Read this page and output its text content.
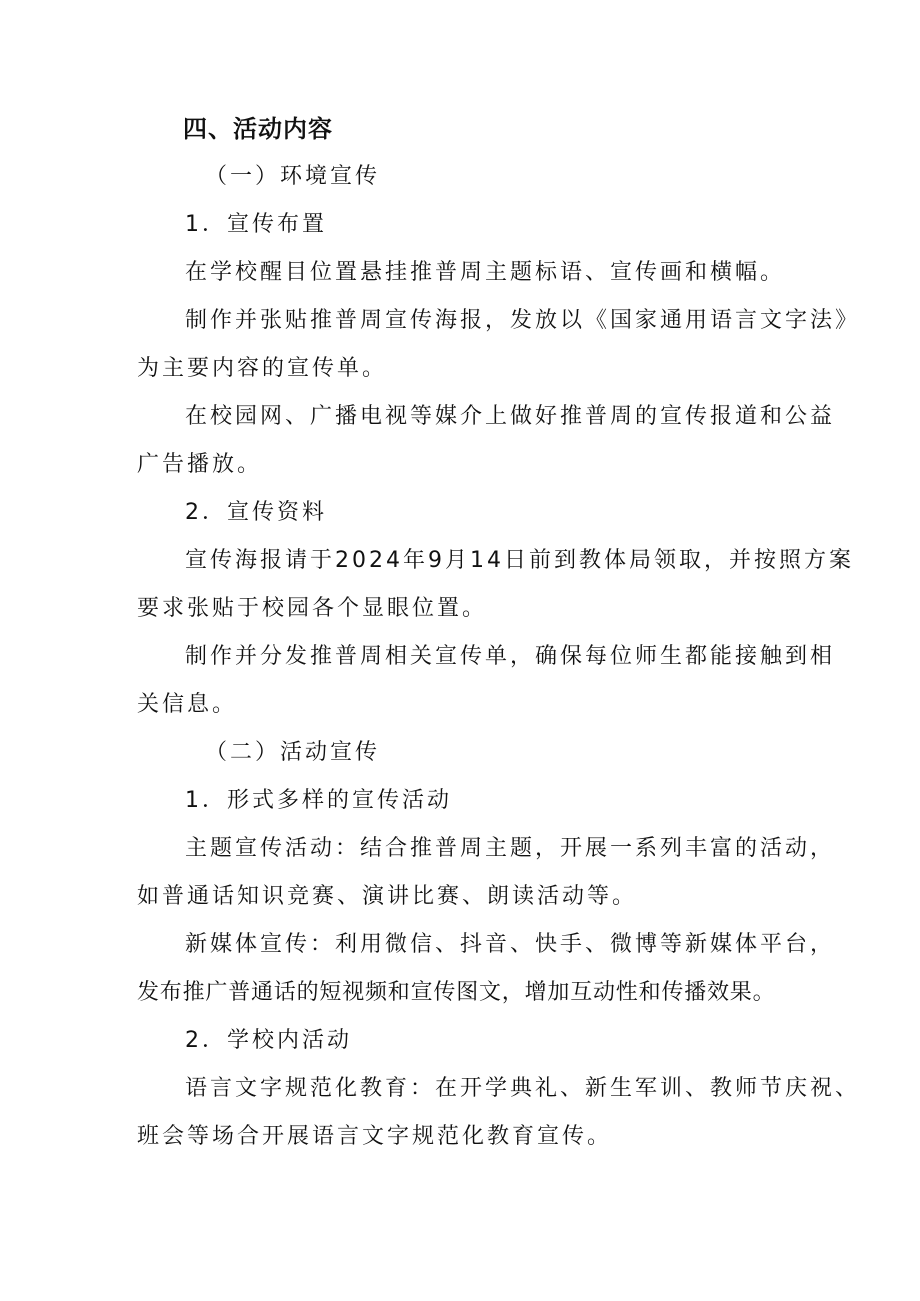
四、活动内容

（一）环境宣传

1．宣传布置

在学校醒目位置悬挂推普周主题标语、宣传画和横幅。

制作并张贴推普周宣传海报，发放以《国家通用语言文字法》

为主要内容的宣传单。

在校园网、广播电视等媒介上做好推普周的宣传报道和公益

广告播放。

2．宣传资料

宣传海报请于2024年9月14日前到教体局领取，并按照方案

要求张贴于校园各个显眼位置。

制作并分发推普周相关宣传单，确保每位师生都能接触到相

关信息。

（二）活动宣传

1．形式多样的宣传活动

主题宣传活动：结合推普周主题，开展一系列丰富的活动，

如普通话知识竞赛、演讲比赛、朗读活动等。

新媒体宣传：利用微信、抖音、快手、微博等新媒体平台，

发布推广普通话的短视频和宣传图文，增加互动性和传播效果。

2．学校内活动

语言文字规范化教育：在开学典礼、新生军训、教师节庆祝、

班会等场合开展语言文字规范化教育宣传。
